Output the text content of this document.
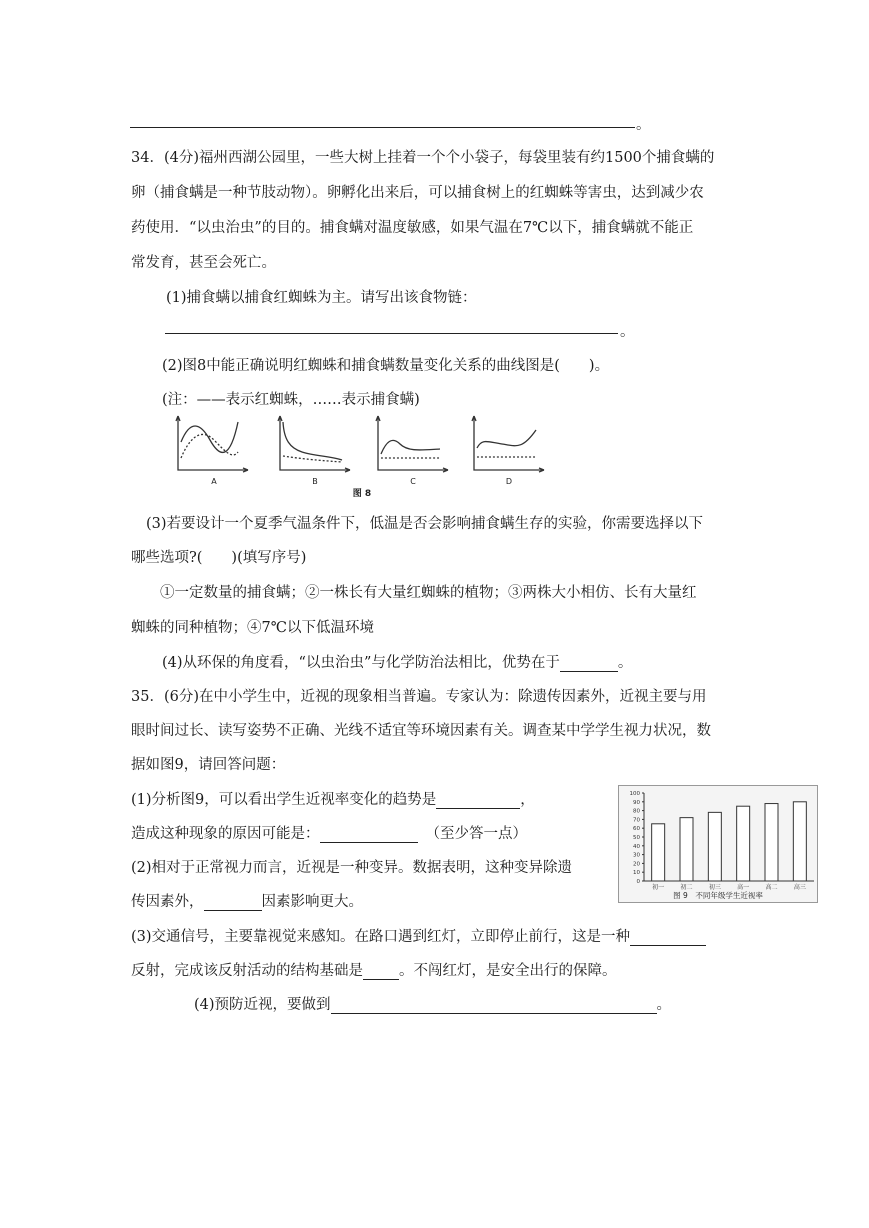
。
34．(4分)福州西湖公园里，一些大树上挂着一个个小袋子，每袋里装有约1500个捕食螨的
卵（捕食螨是一种节肢动物）。卵孵化出来后，可以捕食树上的红蜘蛛等害虫，达到减少农
药使用．“以虫治虫”的目的。捕食螨对温度敏感，如果气温在7℃以下，捕食螨就不能正
常发育，甚至会死亡。
(1)捕食螨以捕食红蜘蛛为主。请写出该食物链：
。
(2)图8中能正确说明红蜘蛛和捕食螨数量变化关系的曲线图是(　　)。
(注：——表示红蜘蛛，……表示捕食螨)
A	B	C	D
图 8
(3)若要设计一个夏季气温条件下，低温是否会影响捕食螨生存的实验，你需要选择以下
哪些选项?(　　)(填写序号)
①一定数量的捕食螨；②一株长有大量红蜘蛛的植物；③两株大小相仿、长有大量红
蜘蛛的同种植物；④7℃以下低温环境
(4)从环保的角度看，“以虫治虫”与化学防治法相比，优势在于	。
35．(6分)在中小学生中，近视的现象相当普遍。专家认为：除遗传因素外，近视主要与用
眼时间过长、读写姿势不正确、光线不适宜等环境因素有关。调查某中学学生视力状况，数
据如图9，请回答问题：
(1)分析图9，可以看出学生近视率变化的趋势是	，
造成这种现象的原因可能是：	（至少答一点）
(2)相对于正常视力而言，近视是一种变异。数据表明，这种变异除遗
传因素外，	因素影响更大。
(3)交通信号，主要靠视觉来感知。在路口遇到红灯，立即停止前行，这是一种
反射，完成该反射活动的结构基础是 。不闯红灯，是安全出行的保障。
(4)预防近视，要做到	。
100
90
80
70
60
50
40
30
20
10
0
初一	初二	初三	高一	高二	高三
图 9　不同年级学生近视率
